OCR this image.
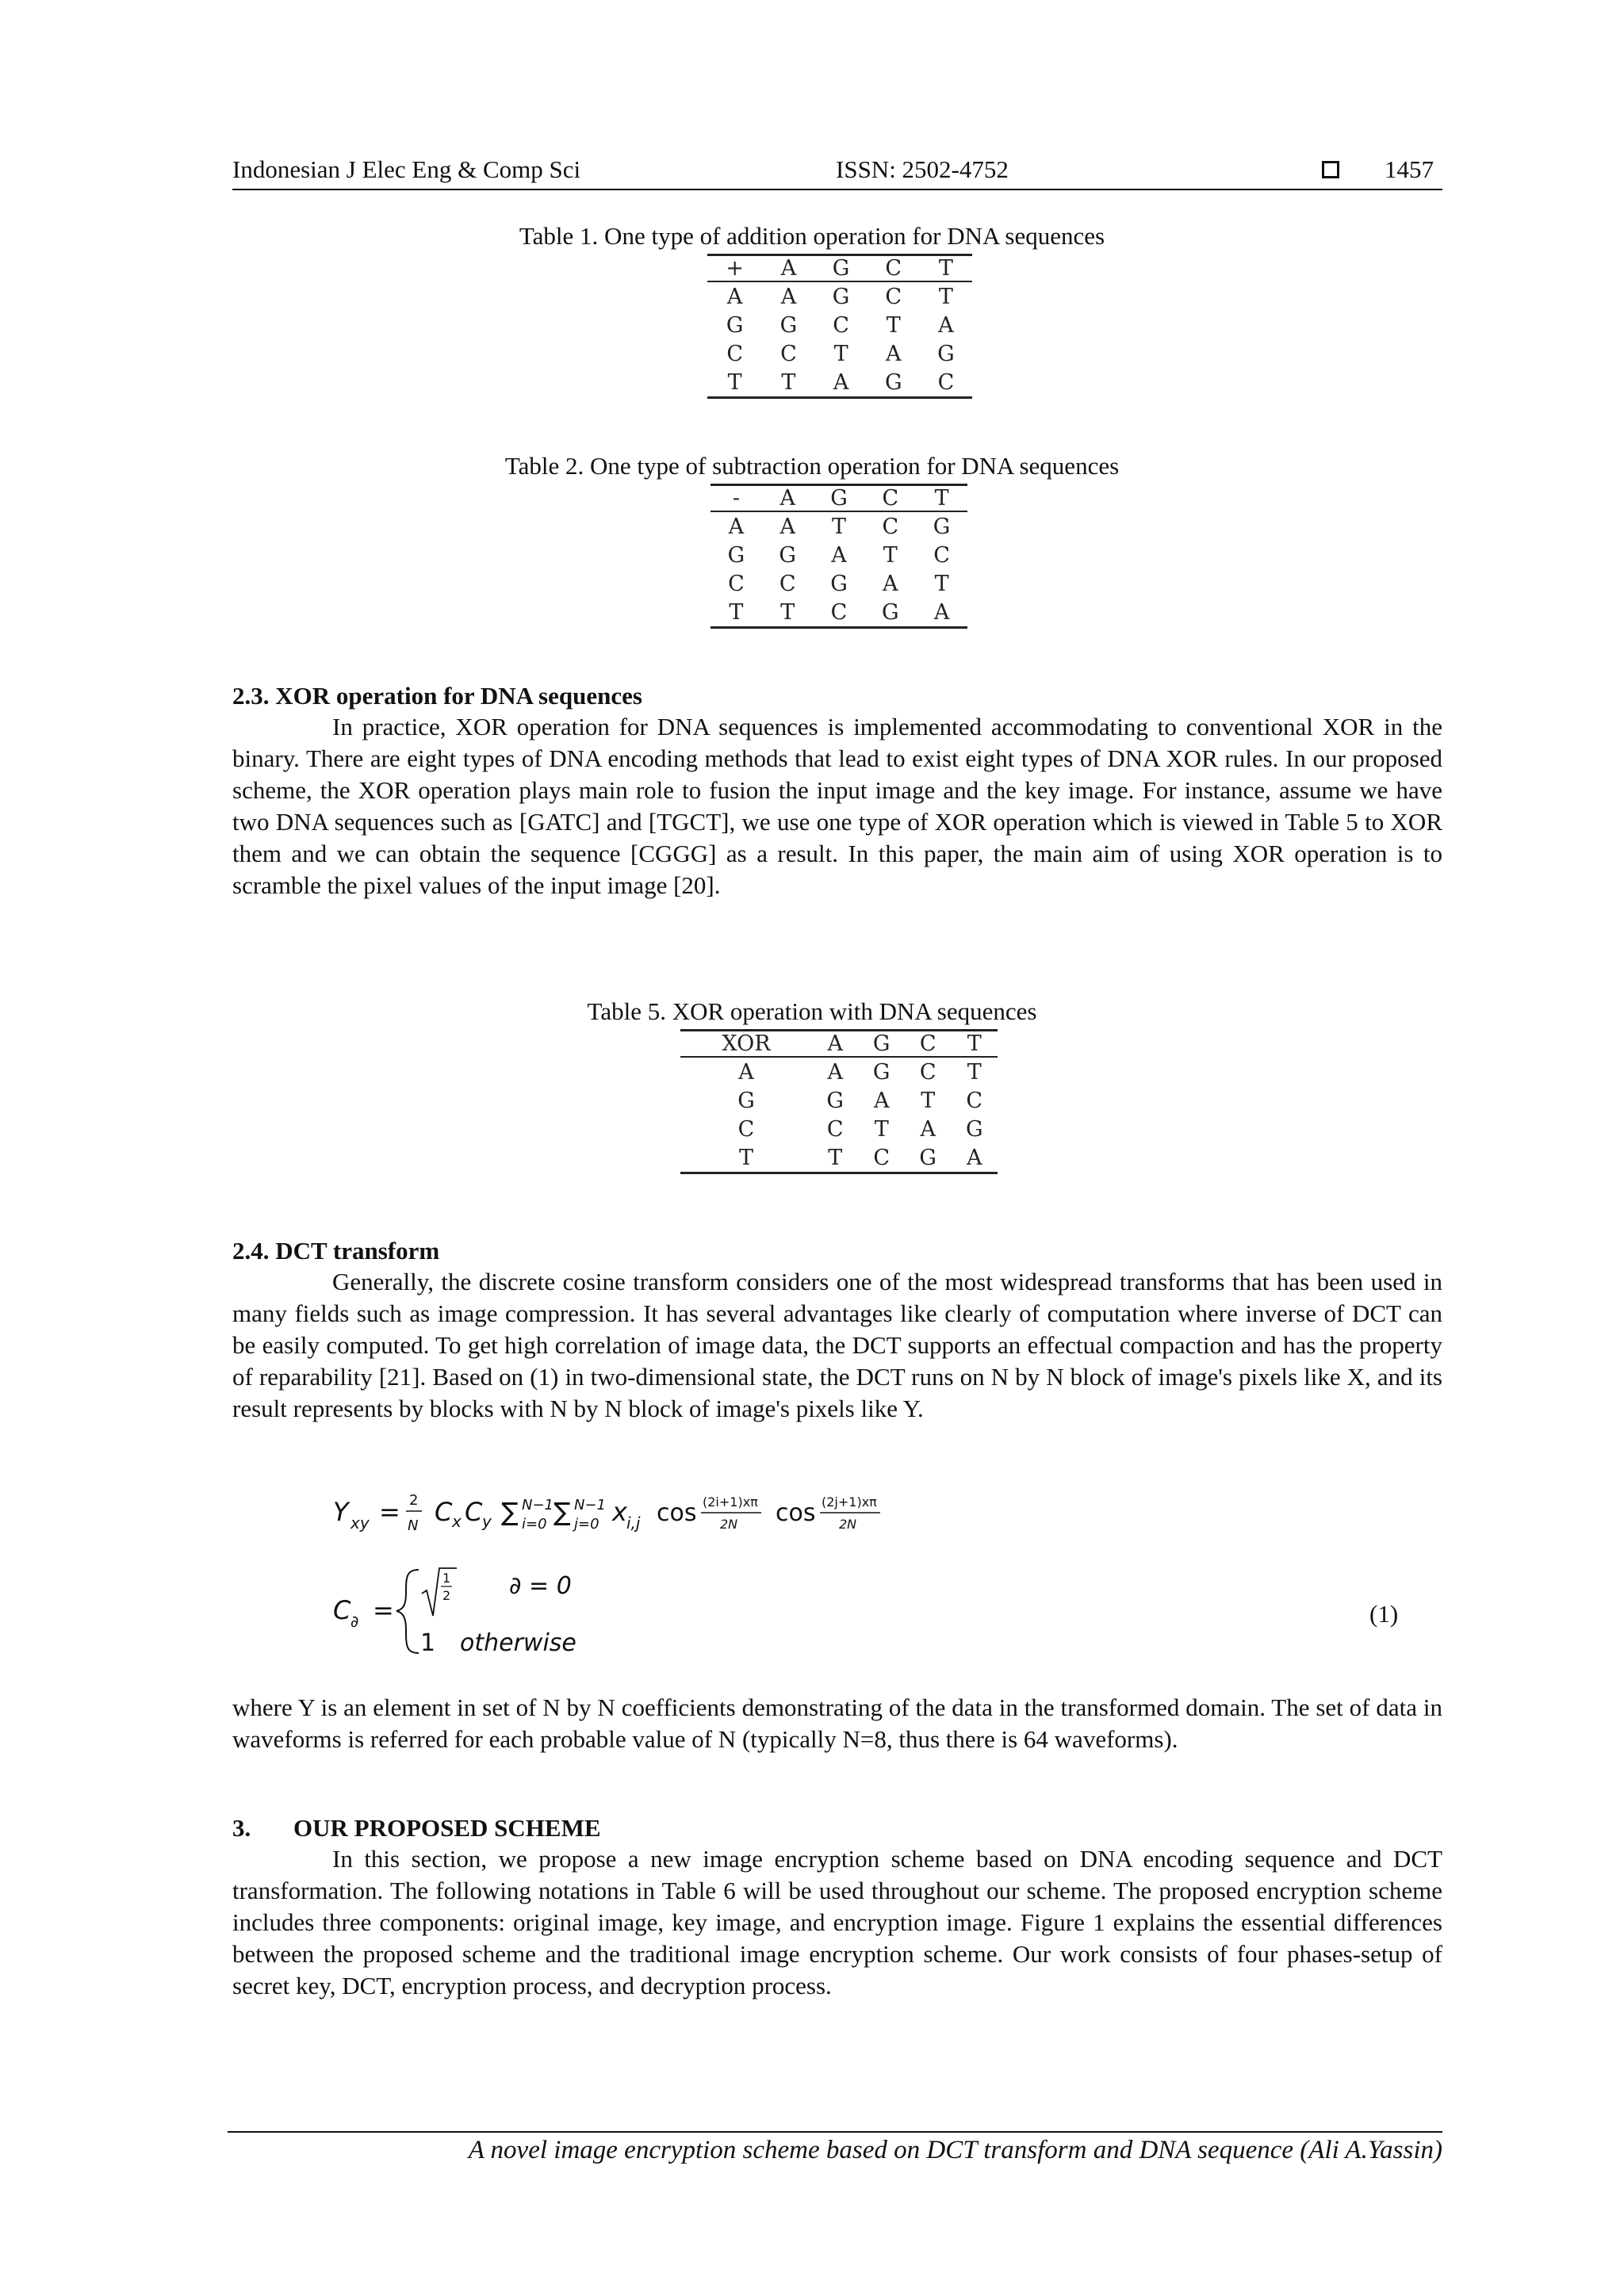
Indonesian J Elec Eng & Comp Sci	ISSN: 2502-4752	1457
Table 1. One type of addition operation for DNA sequences
+	A	G	C	T
A	A	G	C	T
G	G	C	T	A
C	C	T	A	G
T	T	A	G	C
Table 2. One type of subtraction operation for DNA sequences
-	A	G	C	T
A	A	T	C	G
G	G	A	T	C
C	C	G	A	T
T	T	C	G	A
2.3. XOR operation for DNA sequences
In practice, XOR operation for DNA sequences is implemented accommodating to conventional XOR in the binary. There are eight types of DNA encoding methods that lead to exist eight types of DNA XOR rules. In our proposed scheme, the XOR operation plays main role to fusion the input image and the key image. For instance, assume we have two DNA sequences such as [GATC] and [TGCT], we use one type of XOR operation which is viewed in Table 5 to XOR them and we can obtain the sequence [CGGG] as a result. In this paper, the main aim of using XOR operation is to scramble the pixel values of the input image [20].
Table 5. XOR operation with DNA sequences
XOR	A	G	C	T
A	A	G	C	T
G	G	A	T	C
C	C	T	A	G
T	T	C	G	A
2.4. DCT transform
Generally, the discrete cosine transform considers one of the most widespread transforms that has been used in many fields such as image compression. It has several advantages like clearly of computation where inverse of DCT can be easily computed. To get high correlation of image data, the DCT supports an effectual compaction and has the property of reparability [21]. Based on (1) in two-dimensional state, the DCT runs on N by N block of image's pixels like X, and its result represents by blocks with N by N block of image's pixels like Y.
Y xy = 2
N C x C y ∑ N−1
i=0 ∑ N−1
j=0 x i,j cos (2i+1)xπ
2N cos (2j+1)xπ
2N
C ∂ =
1
2 ∂ = 0
1 otherwise
(1)
where Y is an element in set of N by N coefficients demonstrating of the data in the transformed domain. The set of data in waveforms is referred for each probable value of N (typically N=8, thus there is 64 waveforms).
3. OUR PROPOSED SCHEME
In this section, we propose a new image encryption scheme based on DNA encoding sequence and DCT transformation. The following notations in Table 6 will be used throughout our scheme. The proposed encryption scheme includes three components: original image, key image, and encryption image. Figure 1 explains the essential differences between the proposed scheme and the traditional image encryption scheme. Our work consists of four phases-setup of secret key, DCT, encryption process, and decryption process.
A novel image encryption scheme based on DCT transform and DNA sequence (Ali A.Yassin)
